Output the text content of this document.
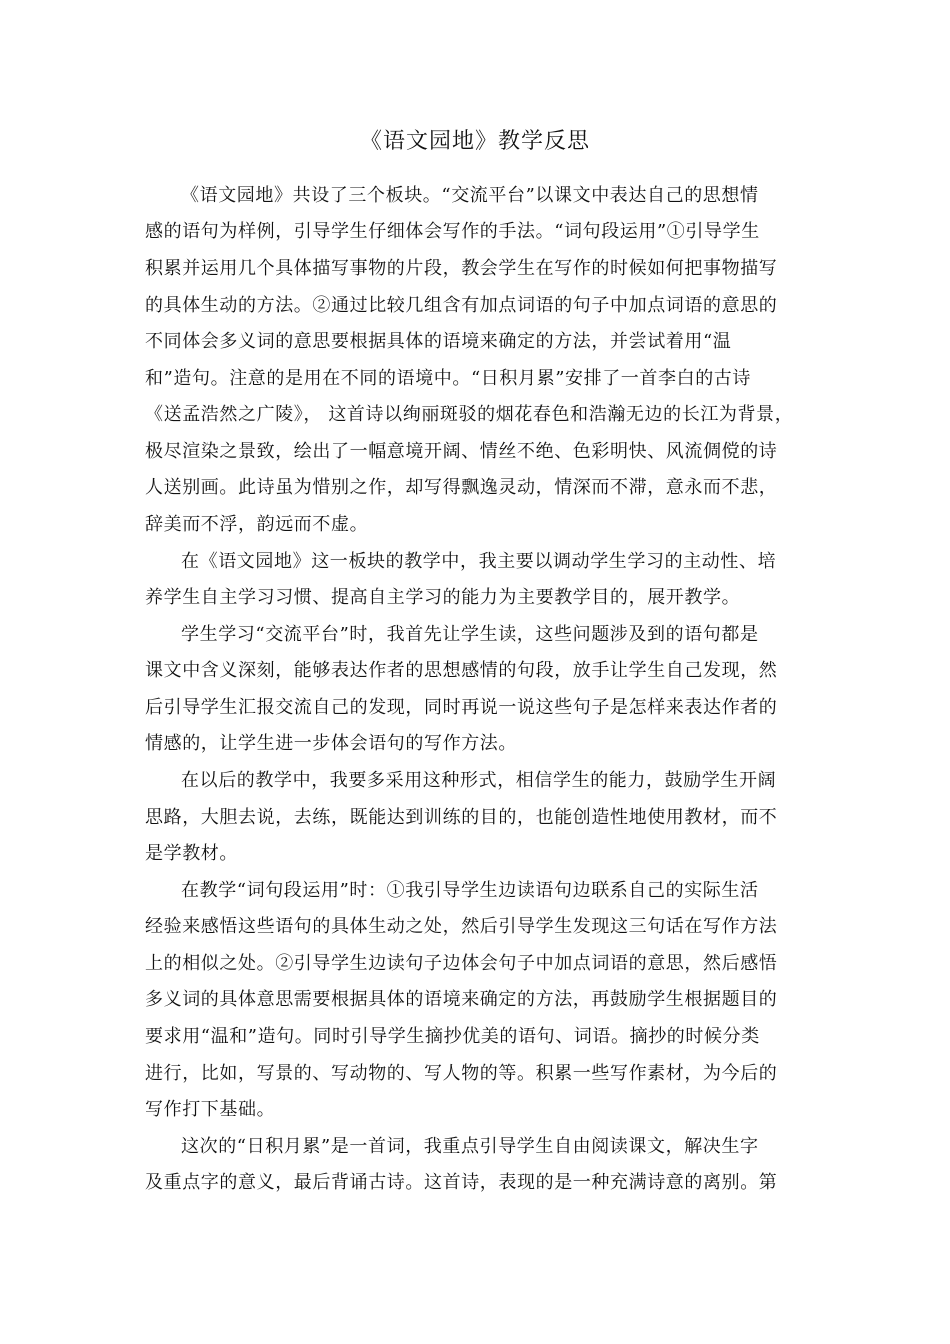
《语文园地》教学反思
《语文园地》共设了三个板块。“交流平台”以课文中表达自己的思想情
感的语句为样例，引导学生仔细体会写作的手法。“词句段运用”①引导学生
积累并运用几个具体描写事物的片段，教会学生在写作的时候如何把事物描写
的具体生动的方法。②通过比较几组含有加点词语的句子中加点词语的意思的
不同体会多义词的意思要根据具体的语境来确定的方法，并尝试着用“温
和”造句。注意的是用在不同的语境中。“日积月累”安排了一首李白的古诗
《送孟浩然之广陵》， 这首诗以绚丽斑驳的烟花春色和浩瀚无边的长江为背景，
极尽渲染之景致，绘出了一幅意境开阔、情丝不绝、色彩明快、风流倜傥的诗
人送别画。此诗虽为惜别之作，却写得飘逸灵动，情深而不滞，意永而不悲，
辞美而不浮，韵远而不虚。
在《语文园地》这一板块的教学中，我主要以调动学生学习的主动性、培
养学生自主学习习惯、提高自主学习的能力为主要教学目的，展开教学。
学生学习“交流平台”时，我首先让学生读，这些问题涉及到的语句都是
课文中含义深刻，能够表达作者的思想感情的句段，放手让学生自己发现，然
后引导学生汇报交流自己的发现，同时再说一说这些句子是怎样来表达作者的
情感的，让学生进一步体会语句的写作方法。
在以后的教学中，我要多采用这种形式，相信学生的能力，鼓励学生开阔
思路，大胆去说，去练，既能达到训练的目的，也能创造性地使用教材，而不
是学教材。
在教学“词句段运用”时：①我引导学生边读语句边联系自己的实际生活
经验来感悟这些语句的具体生动之处，然后引导学生发现这三句话在写作方法
上的相似之处。②引导学生边读句子边体会句子中加点词语的意思，然后感悟
多义词的具体意思需要根据具体的语境来确定的方法，再鼓励学生根据题目的
要求用“温和”造句。同时引导学生摘抄优美的语句、词语。摘抄的时候分类
进行，比如，写景的、写动物的、写人物的等。积累一些写作素材，为今后的
写作打下基础。
这次的“日积月累”是一首词，我重点引导学生自由阅读课文，解决生字
及重点字的意义，最后背诵古诗。这首诗，表现的是一种充满诗意的离别。第
